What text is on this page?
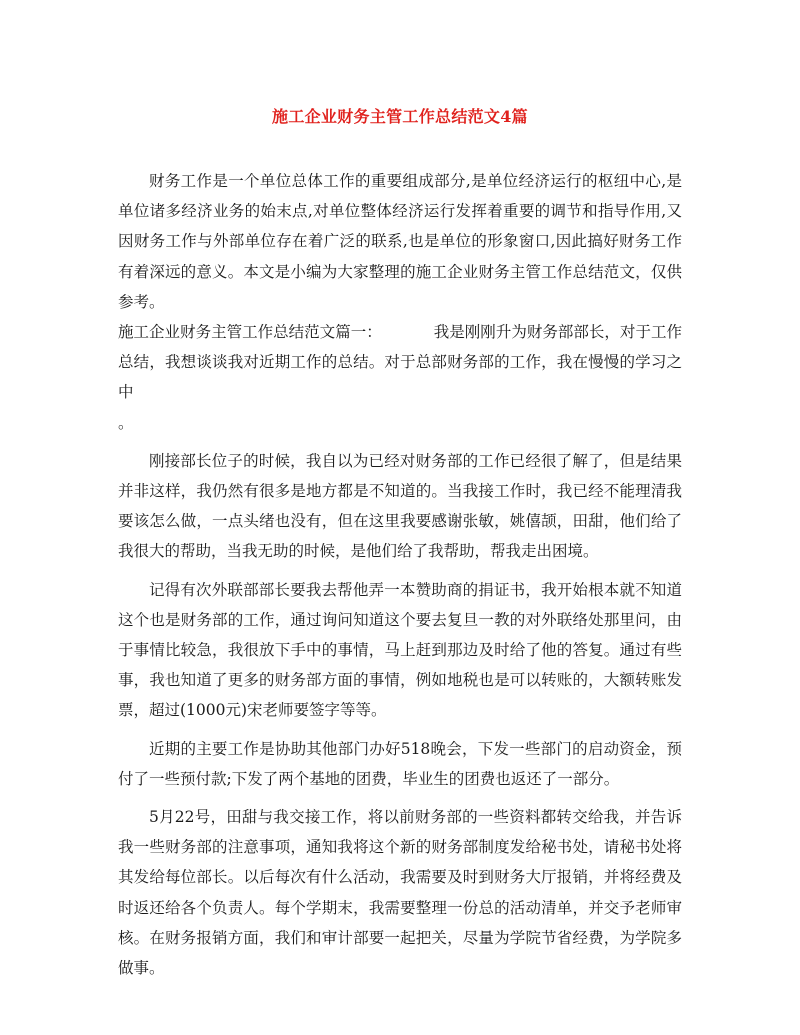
施工企业财务主管工作总结范文4篇

财务工作是一个单位总体工作的重要组成部分,是单位经济运行的枢纽中心,是单位诸多经济业务的始末点,对单位整体经济运行发挥着重要的调节和指导作用,又因财务工作与外部单位存在着广泛的联系,也是单位的形象窗口,因此搞好财务工作有着深远的意义。本文是小编为大家整理的施工企业财务主管工作总结范文，仅供参考。

施工企业财务主管工作总结范文篇一：	我是刚刚升为财务部部长，对于工作总结，我想谈谈我对近期工作的总结。对于总部财务部的工作，我在慢慢的学习之中
。

刚接部长位子的时候，我自以为已经对财务部的工作已经很了解了，但是结果并非这样，我仍然有很多是地方都是不知道的。当我接工作时，我已经不能理清我要该怎么做，一点头绪也没有，但在这里我要感谢张敏，姚僖颉，田甜，他们给了我很大的帮助，当我无助的时候，是他们给了我帮助，帮我走出困境。

记得有次外联部部长要我去帮他弄一本赞助商的捐证书，我开始根本就不知道这个也是财务部的工作，通过询问知道这个要去复旦一教的对外联络处那里问，由于事情比较急，我很放下手中的事情，马上赶到那边及时给了他的答复。通过有些事，我也知道了更多的财务部方面的事情，例如地税也是可以转账的，大额转账发票，超过(1000元)宋老师要签字等等。

近期的主要工作是协助其他部门办好518晚会，下发一些部门的启动资金，预付了一些预付款;下发了两个基地的团费，毕业生的团费也返还了一部分。

5月22号，田甜与我交接工作，将以前财务部的一些资料都转交给我，并告诉我一些财务部的注意事项，通知我将这个新的财务部制度发给秘书处，请秘书处将其发给每位部长。以后每次有什么活动，我需要及时到财务大厅报销，并将经费及时返还给各个负责人。每个学期末，我需要整理一份总的活动清单，并交予老师审核。在财务报销方面，我们和审计部要一起把关，尽量为学院节省经费，为学院多做事。
